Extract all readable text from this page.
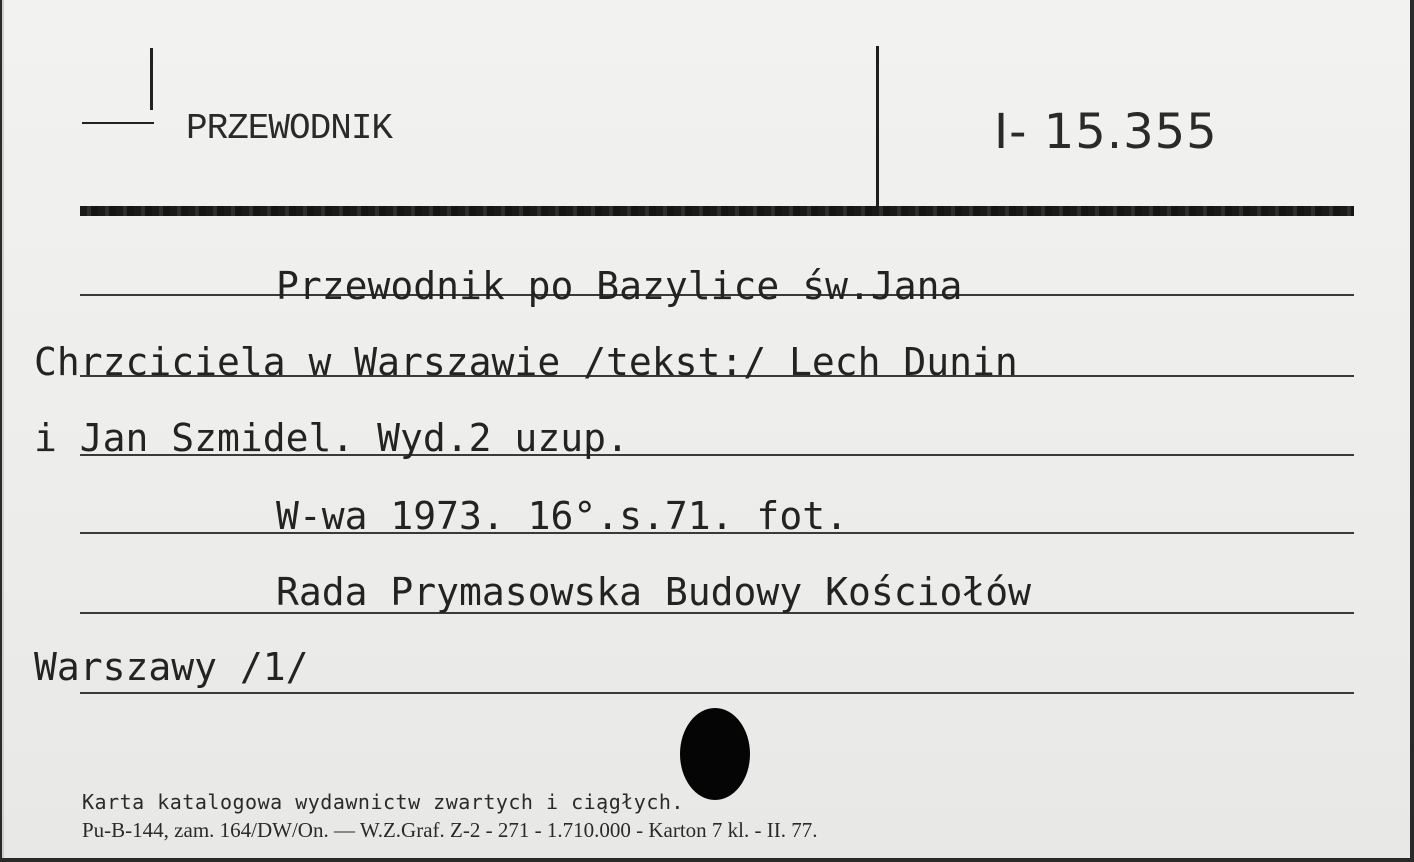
PRZEWODNIK	I- 15.355
Przewodnik po Bazylice św.Jana
Chrzciciela w Warszawie /tekst:/ Lech Dunin
i Jan Szmidel. Wyd.2 uzup.
W-wa 1973. 16°.s.71. fot.
Rada Prymasowska Budowy Kościołów
Warszawy /1/
Karta katalogowa wydawnictw zwartych i ciągłych.
Pu-B-144, zam. 164/DW/On. — W.Z.Graf. Z-2 - 271 - 1.710.000 - Karton 7 kl. - II. 77.
